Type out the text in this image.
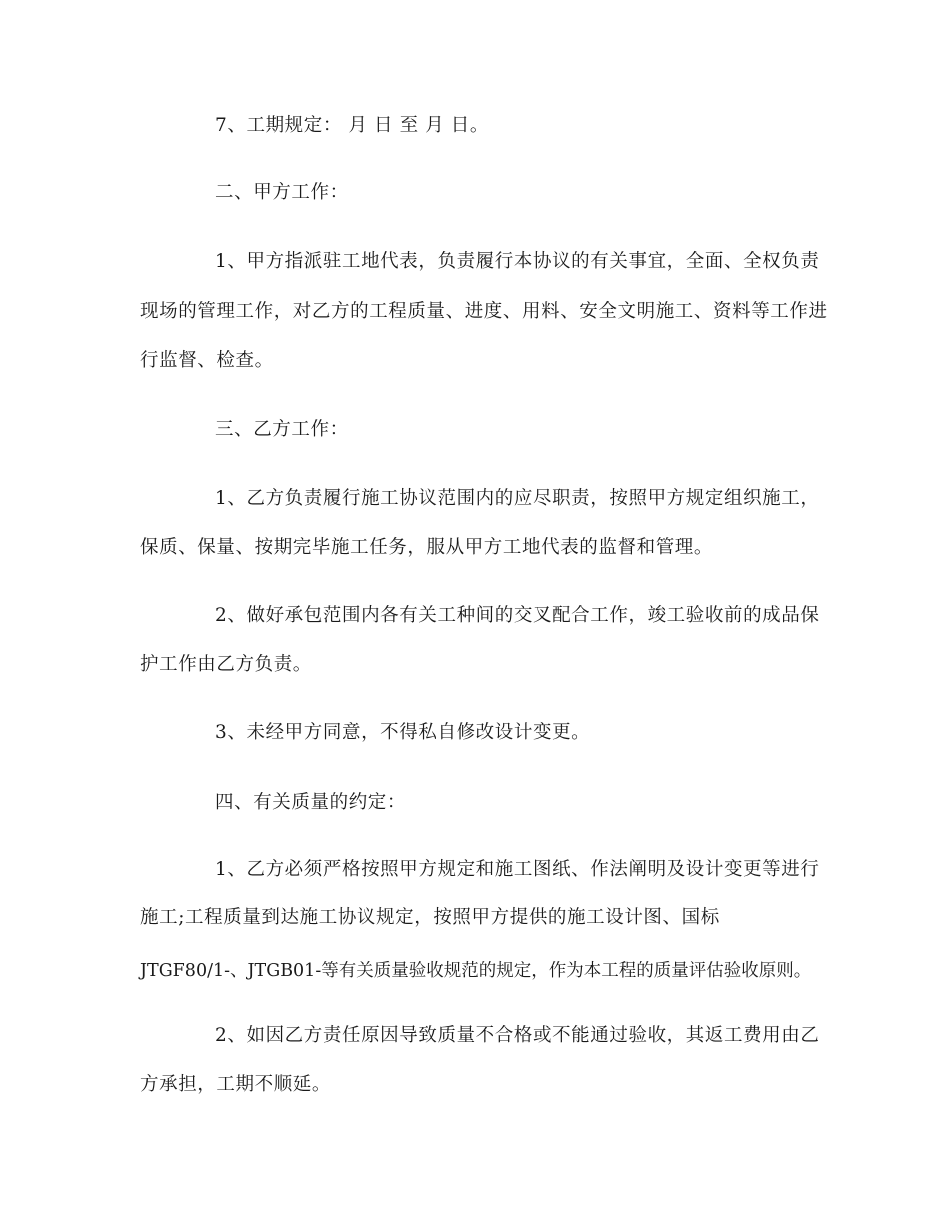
7、工期规定： 月 日 至 月 日。
二、甲方工作：
1、甲方指派驻工地代表，负责履行本协议的有关事宜，全面、全权负责
现场的管理工作，对乙方的工程质量、进度、用料、安全文明施工、资料等工作进
行监督、检查。
三、乙方工作：
1、乙方负责履行施工协议范围内的应尽职责，按照甲方规定组织施工，
保质、保量、按期完毕施工任务，服从甲方工地代表的监督和管理。
2、做好承包范围内各有关工种间的交叉配合工作，竣工验收前的成品保
护工作由乙方负责。
3、未经甲方同意，不得私自修改设计变更。
四、有关质量的约定：
1、乙方必须严格按照甲方规定和施工图纸、作法阐明及设计变更等进行
施工;工程质量到达施工协议规定，按照甲方提供的施工设计图、国标
JTGF80/1-、JTGB01-等有关质量验收规范的规定，作为本工程的质量评估验收原则。
2、如因乙方责任原因导致质量不合格或不能通过验收，其返工费用由乙
方承担，工期不顺延。
